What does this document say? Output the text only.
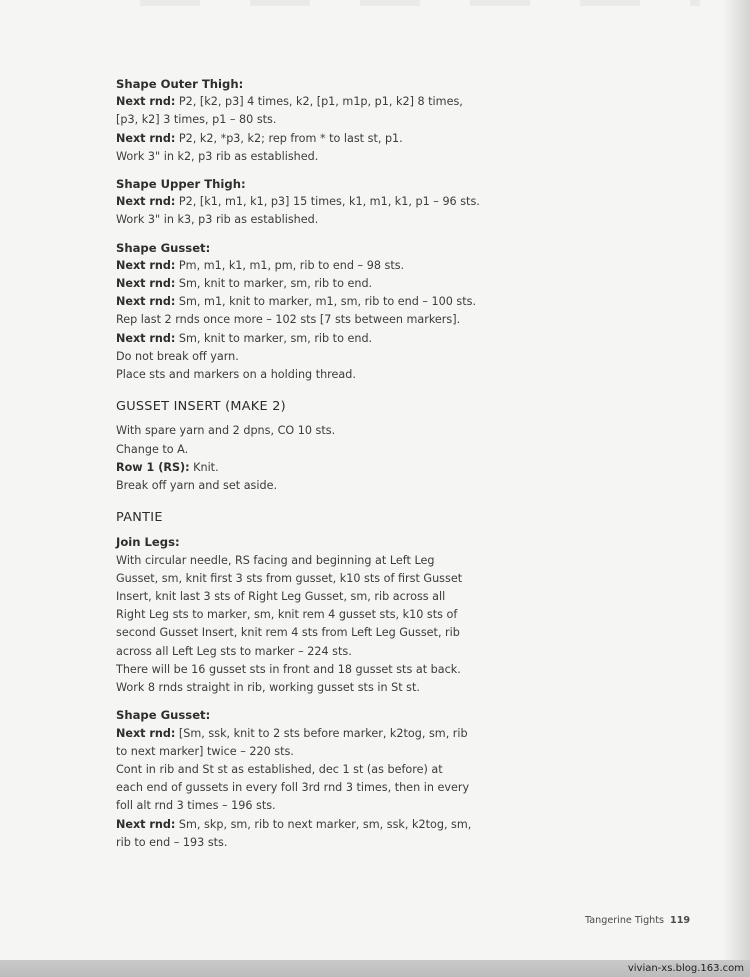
Shape Outer Thigh:
Next rnd: P2, [k2, p3] 4 times, k2, [p1, m1p, p1, k2] 8 times,
[p3, k2] 3 times, p1 – 80 sts.
Next rnd: P2, k2, *p3, k2; rep from * to last st, p1.
Work 3" in k2, p3 rib as established.
Shape Upper Thigh:
Next rnd: P2, [k1, m1, k1, p3] 15 times, k1, m1, k1, p1 – 96 sts.
Work 3" in k3, p3 rib as established.
Shape Gusset:
Next rnd: Pm, m1, k1, m1, pm, rib to end – 98 sts.
Next rnd: Sm, knit to marker, sm, rib to end.
Next rnd: Sm, m1, knit to marker, m1, sm, rib to end – 100 sts.
Rep last 2 rnds once more – 102 sts [7 sts between markers].
Next rnd: Sm, knit to marker, sm, rib to end.
Do not break off yarn.
Place sts and markers on a holding thread.
GUSSET INSERT (MAKE 2)
With spare yarn and 2 dpns, CO 10 sts.
Change to A.
Row 1 (RS): Knit.
Break off yarn and set aside.
PANTIE
Join Legs:
With circular needle, RS facing and beginning at Left Leg
Gusset, sm, knit first 3 sts from gusset, k10 sts of first Gusset
Insert, knit last 3 sts of Right Leg Gusset, sm, rib across all
Right Leg sts to marker, sm, knit rem 4 gusset sts, k10 sts of
second Gusset Insert, knit rem 4 sts from Left Leg Gusset, rib
across all Left Leg sts to marker – 224 sts.
There will be 16 gusset sts in front and 18 gusset sts at back.
Work 8 rnds straight in rib, working gusset sts in St st.
Shape Gusset:
Next rnd: [Sm, ssk, knit to 2 sts before marker, k2tog, sm, rib
to next marker] twice – 220 sts.
Cont in rib and St st as established, dec 1 st (as before) at
each end of gussets in every foll 3rd rnd 3 times, then in every
foll alt rnd 3 times – 196 sts.
Next rnd: Sm, skp, sm, rib to next marker, sm, ssk, k2tog, sm,
rib to end – 193 sts.
Tangerine Tights 119
vivian-xs.blog.163.com
